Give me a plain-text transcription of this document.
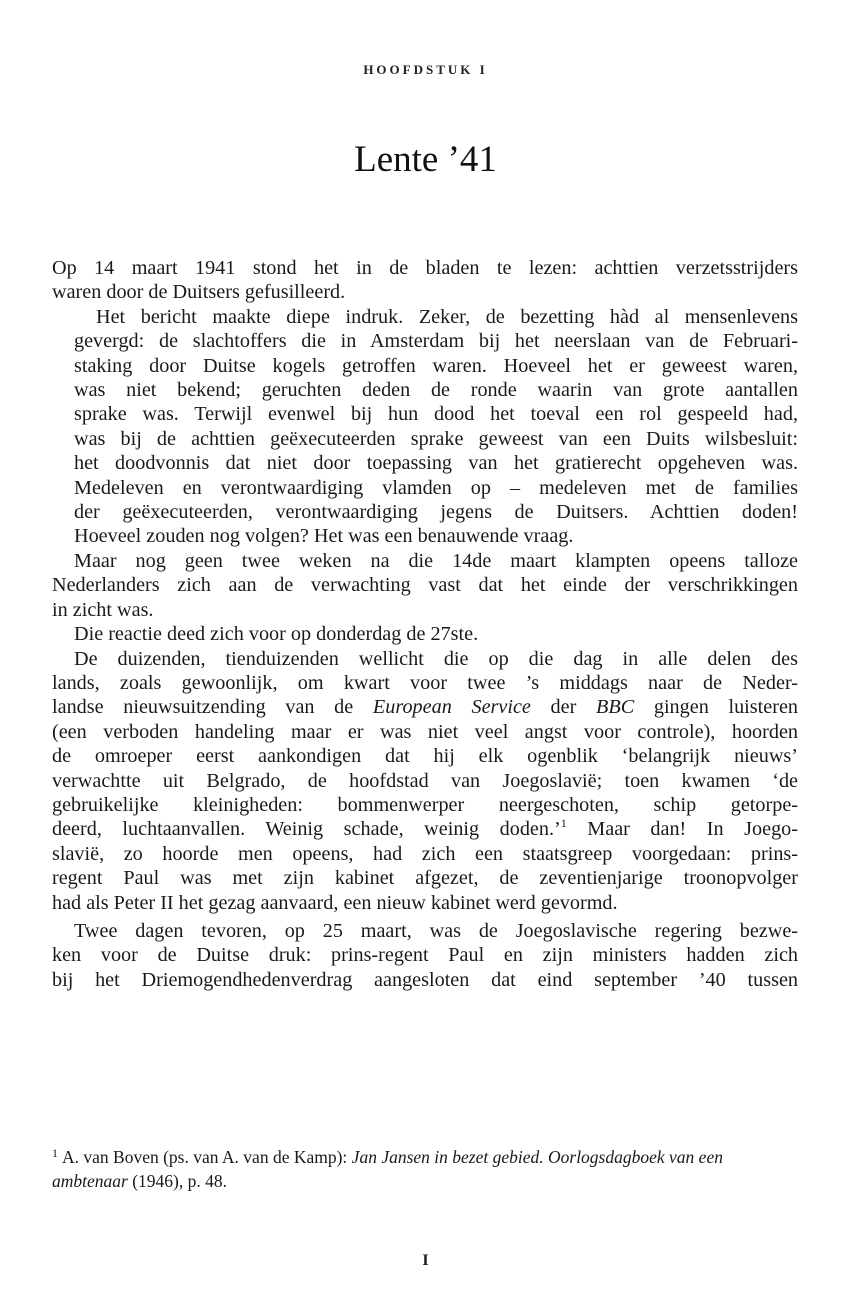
HOOFDSTUK I
Lente ’41

Op 14 maart 1941 stond het in de bladen te lezen: achttien verzetsstrijders
waren door de Duitsers gefusilleerd.

Het bericht maakte diepe indruk. Zeker, de bezetting hàd al mensenlevens
gevergd: de slachtoffers die in Amsterdam bij het neerslaan van de Februari-
staking door Duitse kogels getroffen waren. Hoeveel het er geweest waren,
was niet bekend; geruchten deden de ronde waarin van grote aantallen
sprake was. Terwijl evenwel bij hun dood het toeval een rol gespeeld had,
was bij de achttien geëxecuteerden sprake geweest van een Duits wilsbesluit:
het doodvonnis dat niet door toepassing van het gratierecht opgeheven was.
Medeleven en verontwaardiging vlamden op – medeleven met de families
der geëxecuteerden, verontwaardiging jegens de Duitsers. Achttien doden!
Hoeveel zouden nog volgen? Het was een benauwende vraag.

Maar nog geen twee weken na die 14de maart klampten opeens talloze
Nederlanders zich aan de verwachting vast dat het einde der verschrikkingen
in zicht was.

Die reactie deed zich voor op donderdag de 27ste.

De duizenden, tienduizenden wellicht die op die dag in alle delen des
lands, zoals gewoonlijk, om kwart voor twee ’s middags naar de Neder-
landse nieuwsuitzending van de European Service der BBC gingen luisteren
(een verboden handeling maar er was niet veel angst voor controle), hoorden
de omroeper eerst aankondigen dat hij elk ogenblik ‘belangrijk nieuws’
verwachtte uit Belgrado, de hoofdstad van Joegoslavië; toen kwamen ‘de
gebruikelijke kleinigheden: bommenwerper neergeschoten, schip getorpe-
deerd, luchtaanvallen. Weinig schade, weinig doden.’$^1$ Maar dan! In Joego-
slavië, zo hoorde men opeens, had zich een staatsgreep voorgedaan: prins-
regent Paul was met zijn kabinet afgezet, de zeventienjarige troonopvolger
had als Peter II het gezag aanvaard, een nieuw kabinet werd gevormd.

Twee dagen tevoren, op 25 maart, was de Joegoslavische regering bezwe-
ken voor de Duitse druk: prins-regent Paul en zijn ministers hadden zich
bij het Driemogendhedenverdrag aangesloten dat eind september ’40 tussen

$^1$ A. van Boven (ps. van A. van de Kamp): Jan Jansen in bezet gebied. Oorlogsdagboek van een ambtenaar (1946), p. 48.
I
